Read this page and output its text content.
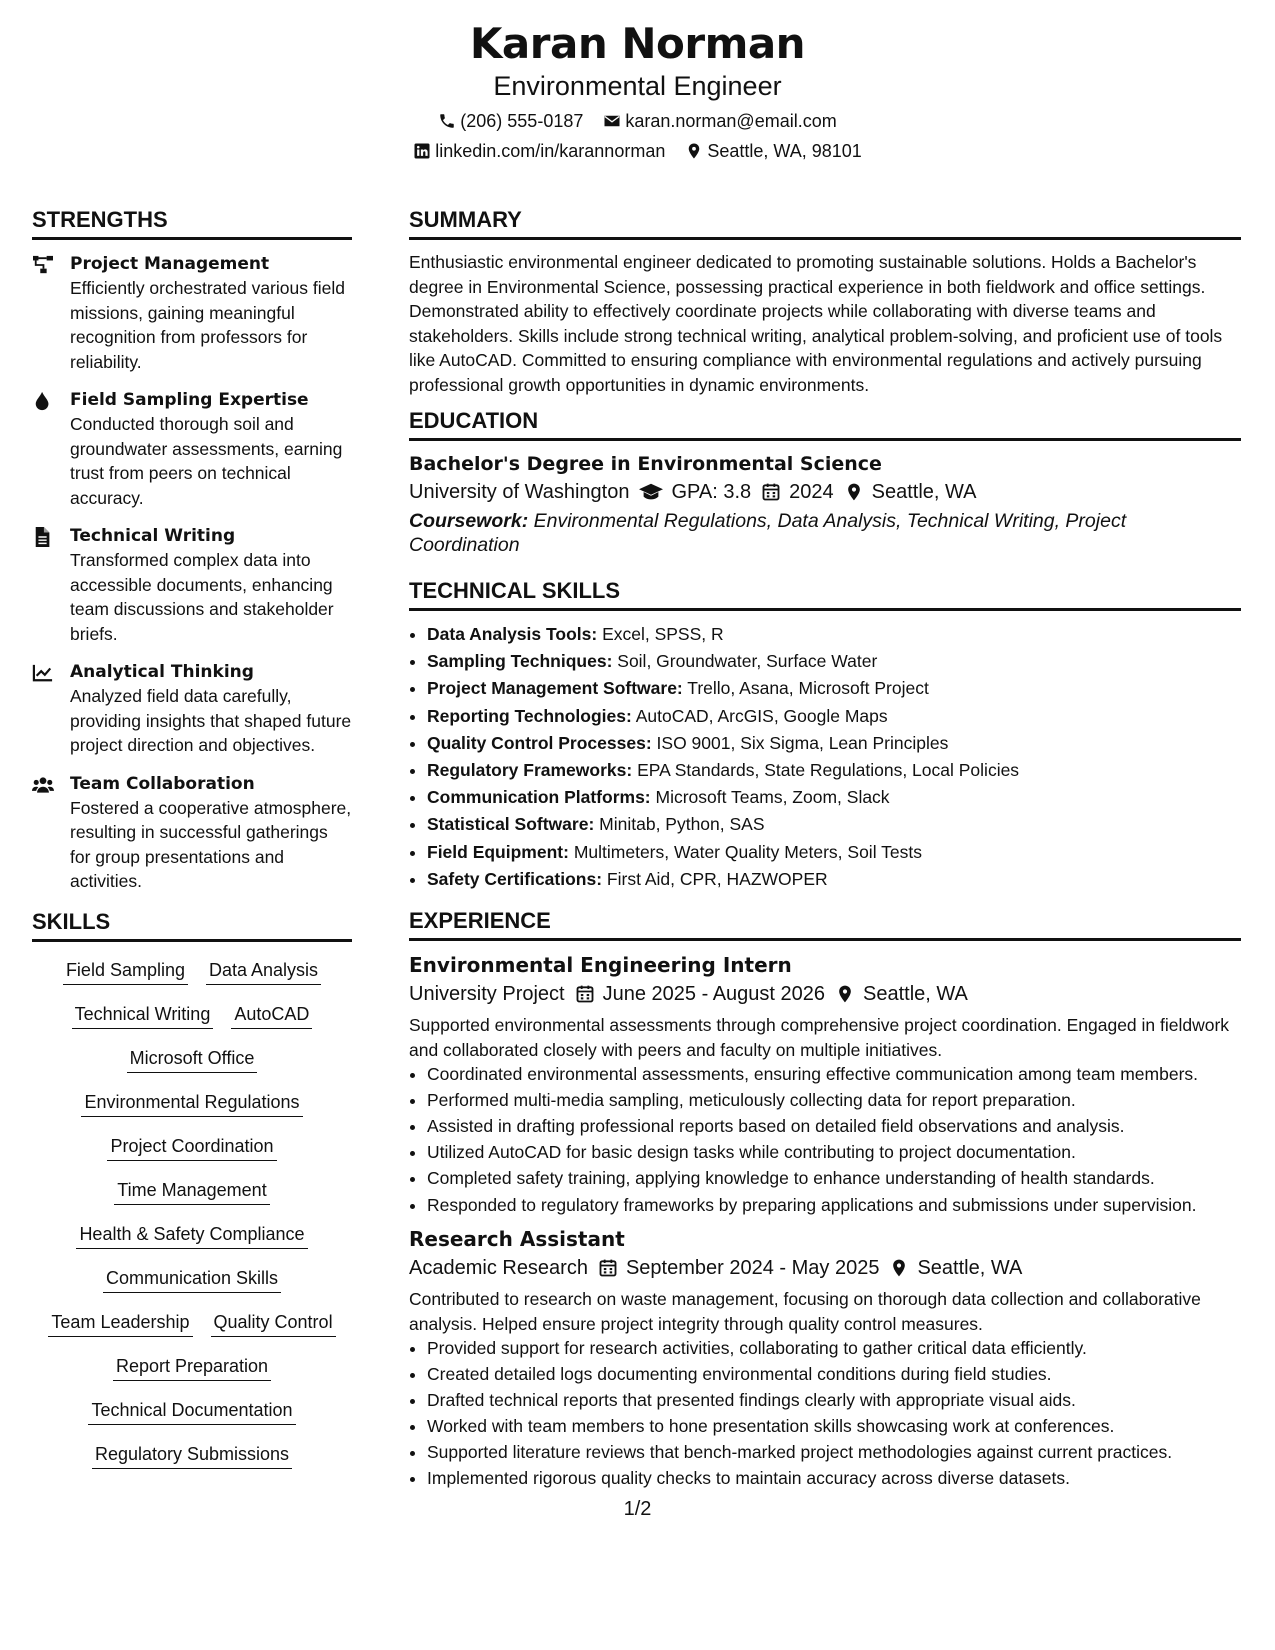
Karan Norman
Environmental Engineer
(206) 555-0187 karan.norman@email.com
linkedin.com/in/karannorman Seattle, WA, 98101
STRENGTHS
Project Management
Efficiently orchestrated various field missions, gaining meaningful recognition from professors for reliability.
Field Sampling Expertise
Conducted thorough soil and groundwater assessments, earning trust from peers on technical accuracy.
Technical Writing
Transformed complex data into accessible documents, enhancing team discussions and stakeholder briefs.
Analytical Thinking
Analyzed field data carefully, providing insights that shaped future project direction and objectives.
Team Collaboration
Fostered a cooperative atmosphere, resulting in successful gatherings for group presentations and activities.
SKILLS
Field Sampling Data Analysis
Technical Writing AutoCAD
Microsoft Office
Environmental Regulations
Project Coordination
Time Management
Health & Safety Compliance
Communication Skills
Team Leadership Quality Control
Report Preparation
Technical Documentation
Regulatory Submissions
SUMMARY
Enthusiastic environmental engineer dedicated to promoting sustainable solutions. Holds a Bachelor's degree in Environmental Science, possessing practical experience in both fieldwork and office settings. Demonstrated ability to effectively coordinate projects while collaborating with diverse teams and stakeholders. Skills include strong technical writing, analytical problem-solving, and proficient use of tools like AutoCAD. Committed to ensuring compliance with environmental regulations and actively pursuing professional growth opportunities in dynamic environments.
EDUCATION
Bachelor's Degree in Environmental Science
University of Washington GPA: 3.8 2024 Seattle, WA
Coursework: Environmental Regulations, Data Analysis, Technical Writing, Project Coordination
TECHNICAL SKILLS
• Data Analysis Tools: Excel, SPSS, R
• Sampling Techniques: Soil, Groundwater, Surface Water
• Project Management Software: Trello, Asana, Microsoft Project
• Reporting Technologies: AutoCAD, ArcGIS, Google Maps
• Quality Control Processes: ISO 9001, Six Sigma, Lean Principles
• Regulatory Frameworks: EPA Standards, State Regulations, Local Policies
• Communication Platforms: Microsoft Teams, Zoom, Slack
• Statistical Software: Minitab, Python, SAS
• Field Equipment: Multimeters, Water Quality Meters, Soil Tests
• Safety Certifications: First Aid, CPR, HAZWOPER
EXPERIENCE
Environmental Engineering Intern
University Project June 2025 - August 2026 Seattle, WA
Supported environmental assessments through comprehensive project coordination. Engaged in fieldwork and collaborated closely with peers and faculty on multiple initiatives.
• Coordinated environmental assessments, ensuring effective communication among team members.
• Performed multi-media sampling, meticulously collecting data for report preparation.
• Assisted in drafting professional reports based on detailed field observations and analysis.
• Utilized AutoCAD for basic design tasks while contributing to project documentation.
• Completed safety training, applying knowledge to enhance understanding of health standards.
• Responded to regulatory frameworks by preparing applications and submissions under supervision.
Research Assistant
Academic Research September 2024 - May 2025 Seattle, WA
Contributed to research on waste management, focusing on thorough data collection and collaborative analysis. Helped ensure project integrity through quality control measures.
• Provided support for research activities, collaborating to gather critical data efficiently.
• Created detailed logs documenting environmental conditions during field studies.
• Drafted technical reports that presented findings clearly with appropriate visual aids.
• Worked with team members to hone presentation skills showcasing work at conferences.
• Supported literature reviews that bench-marked project methodologies against current practices.
• Implemented rigorous quality checks to maintain accuracy across diverse datasets.
1/2
